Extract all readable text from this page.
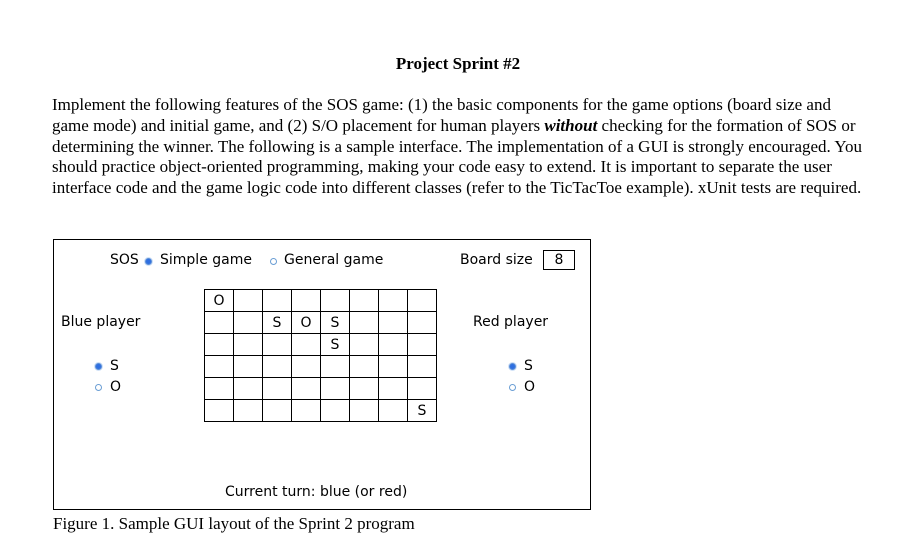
Project Sprint #2
Implement the following features of the SOS game: (1) the basic components for the game options (board size and game mode) and initial game, and (2) S/O placement for human players without checking for the formation of SOS or determining the winner. The following is a sample interface. The implementation of a GUI is strongly encouraged. You should practice object-oriented programming, making your code easy to extend. It is important to separate the user interface code and the game logic code into different classes (refer to the TicTacToe example). xUnit tests are required.
SOS Simple game General game	Board size	8
Blue player
S
O
Red player
S
O
O							
		S	O	S			
				S			

							S
Current turn: blue (or red)
Figure 1. Sample GUI layout of the Sprint 2 program
